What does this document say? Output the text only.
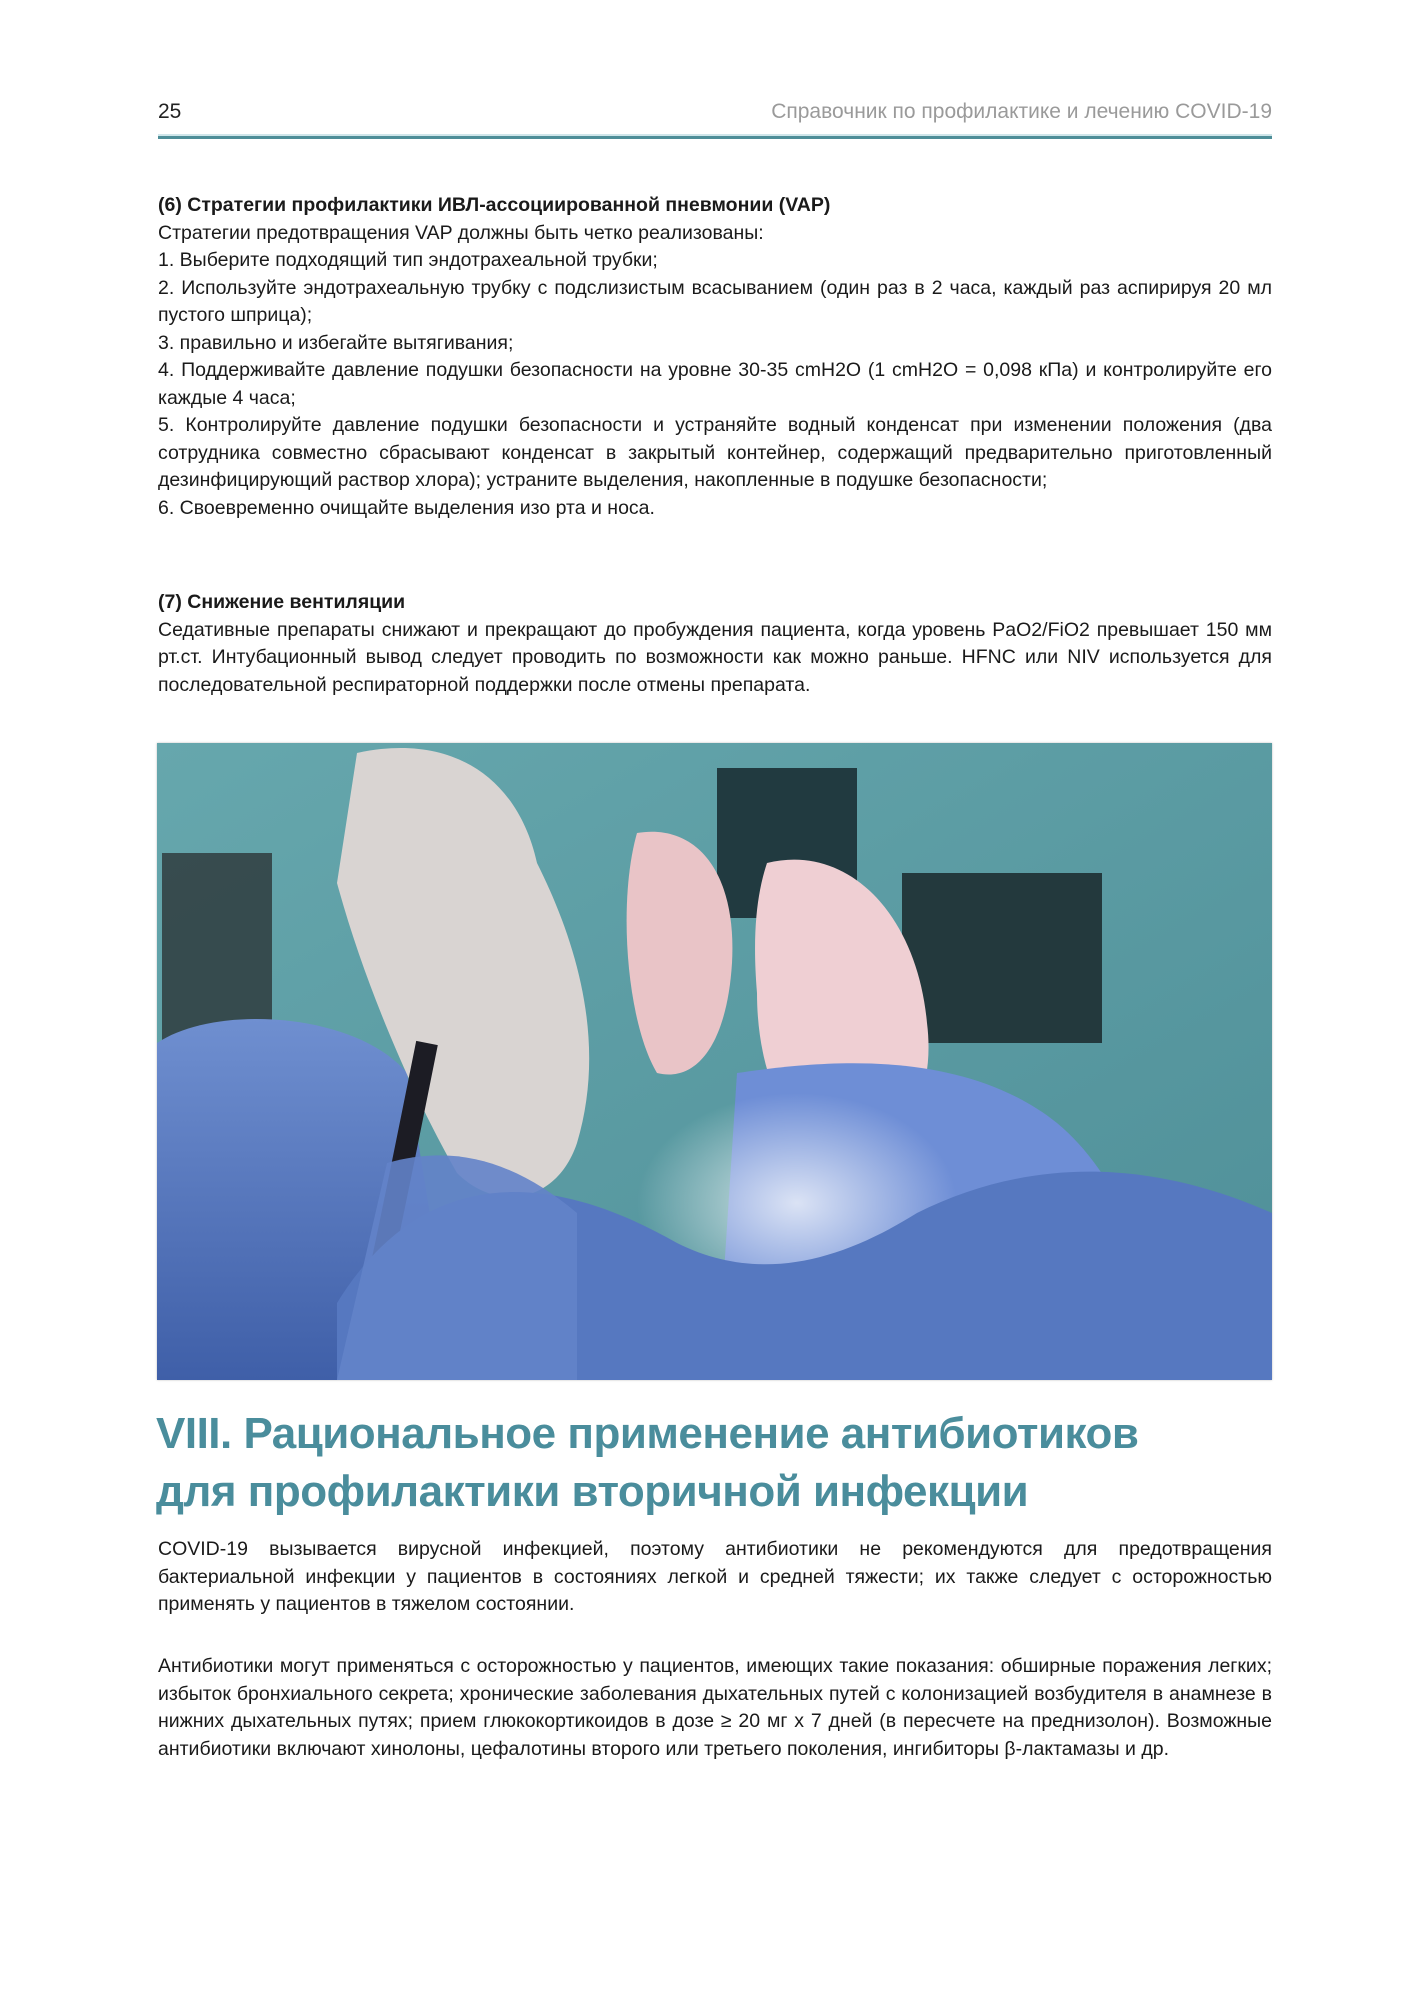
25	Справочник по профилактике и лечению COVID-19

(6) Стратегии профилактики ИВЛ-ассоциированной пневмонии (VAP)

Стратегии предотвращения VAP должны быть четко реализованы:

1. Выберите подходящий тип эндотрахеальной трубки;

2. Используйте эндотрахеальную трубку с подслизистым всасыванием (один раз в 2 часа, каждый раз аспирируя 20 мл пустого шприца);

3. правильно и избегайте вытягивания;

4. Поддерживайте давление подушки безопасности на уровне 30-35 cmH2O (1 cmH2O = 0,098 кПа) и контролируйте его каждые 4 часа;

5. Контролируйте давление подушки безопасности и устраняйте водный конденсат при изменении положения (два сотрудника совместно сбрасывают конденсат в закрытый контейнер, содержащий предварительно приготовленный дезинфицирующий раствор хлора); устраните выделения, накопленные в подушке безопасности;

6. Своевременно очищайте выделения изо рта и носа.

(7) Снижение вентиляции

Седативные препараты снижают и прекращают до пробуждения пациента, когда уровень PaO2/FiO2 превышает 150 мм рт.ст. Интубационный вывод следует проводить по возможности как можно раньше. HFNC или NIV используется для последовательной респираторной поддержки после отмены препарата.

VIII. Рациональное применение антибиотиков
для профилактики вторичной инфекции

COVID-19 вызывается вирусной инфекцией, поэтому антибиотики не рекомендуются для предотвращения бактериальной инфекции у пациентов в состояниях легкой и средней тяжести; их также следует с осторожностью применять у пациентов в тяжелом состоянии.

Антибиотики могут применяться с осторожностью у пациентов, имеющих такие показания: обширные поражения легких; избыток бронхиального секрета; хронические заболевания дыхательных путей с колонизацией возбудителя в анамнезе в нижних дыхательных путях; прием глюкокортикоидов в дозе ≥ 20 мг x 7 дней (в пересчете на преднизолон). Возможные антибиотики включают хинолоны, цефалотины второго или третьего поколения, ингибиторы β-лактамазы и др.
